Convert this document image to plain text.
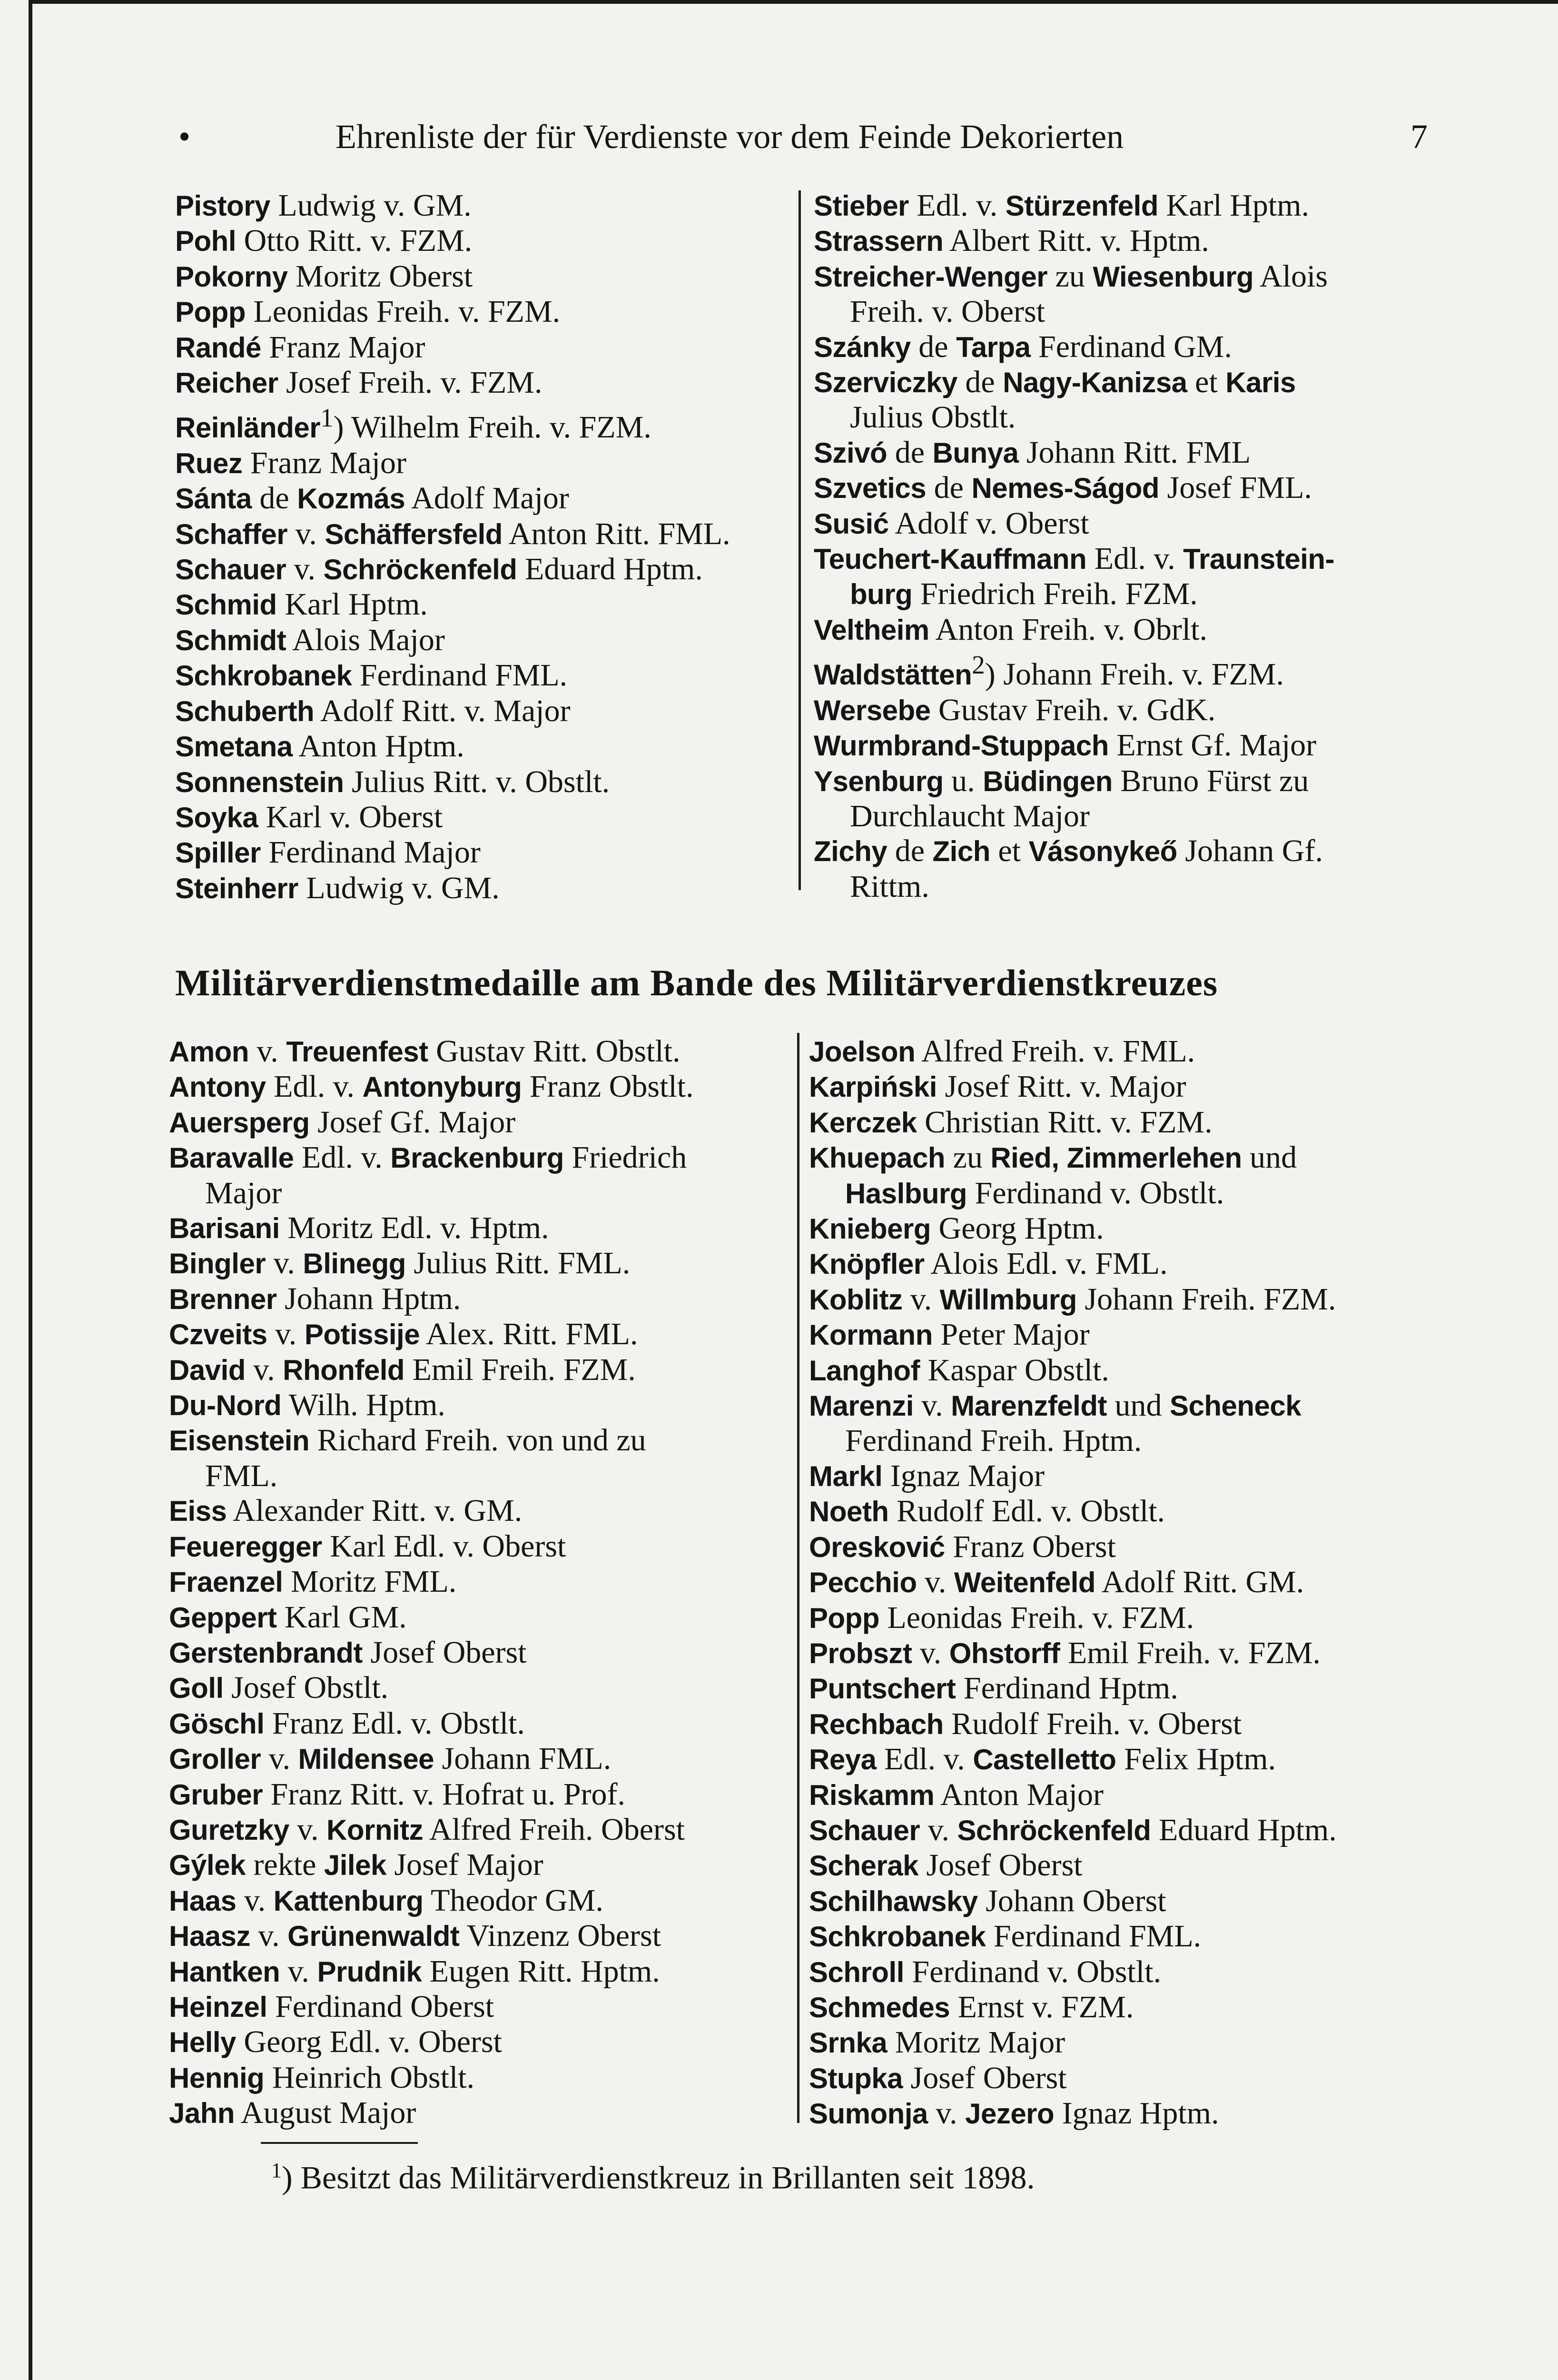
•	Ehrenliste der für Verdienste vor dem Feinde Dekorierten	7
Pistory Ludwig v. GM.
Pohl Otto Ritt. v. FZM.
Pokorny Moritz Oberst
Popp Leonidas Freih. v. FZM.
Randé Franz Major
Reicher Josef Freih. v. FZM.
Reinländer$^1$) Wilhelm Freih. v. FZM.
Ruez Franz Major
Sánta de Kozmás Adolf Major
Schaffer v. Schäffersfeld Anton Ritt. FML.
Schauer v. Schröckenfeld Eduard Hptm.
Schmid Karl Hptm.
Schmidt Alois Major
Schkrobanek Ferdinand FML.
Schuberth Adolf Ritt. v. Major
Smetana Anton Hptm.
Sonnenstein Julius Ritt. v. Obstlt.
Soyka Karl v. Oberst
Spiller Ferdinand Major
Steinherr Ludwig v. GM.
Stieber Edl. v. Stürzenfeld Karl Hptm.
Strassern Albert Ritt. v. Hptm.
Streicher-Wenger zu Wiesenburg Alois
Freih. v. Oberst
Szánky de Tarpa Ferdinand GM.
Szerviczky de Nagy-Kanizsa et Karis
Julius Obstlt.
Szivó de Bunya Johann Ritt. FML
Szvetics de Nemes-Ságod Josef FML.
Susić Adolf v. Oberst
Teuchert-Kauffmann Edl. v. Traunstein-
burg Friedrich Freih. FZM.
Veltheim Anton Freih. v. Obrlt.
Waldstätten$^2$) Johann Freih. v. FZM.
Wersebe Gustav Freih. v. GdK.
Wurmbrand-Stuppach Ernst Gf. Major
Ysenburg u. Büdingen Bruno Fürst zu
Durchlaucht Major
Zichy de Zich et Vásonykeő Johann Gf.
Rittm.
Militärverdienstmedaille am Bande des Militärverdienstkreuzes
Amon v. Treuenfest Gustav Ritt. Obstlt.
Antony Edl. v. Antonyburg Franz Obstlt.
Auersperg Josef Gf. Major
Baravalle Edl. v. Brackenburg Friedrich
Major
Barisani Moritz Edl. v. Hptm.
Bingler v. Blinegg Julius Ritt. FML.
Brenner Johann Hptm.
Czveits v. Potissije Alex. Ritt. FML.
David v. Rhonfeld Emil Freih. FZM.
Du-Nord Wilh. Hptm.
Eisenstein Richard Freih. von und zu
FML.
Eiss Alexander Ritt. v. GM.
Feueregger Karl Edl. v. Oberst
Fraenzel Moritz FML.
Geppert Karl GM.
Gerstenbrandt Josef Oberst
Goll Josef Obstlt.
Göschl Franz Edl. v. Obstlt.
Groller v. Mildensee Johann FML.
Gruber Franz Ritt. v. Hofrat u. Prof.
Guretzky v. Kornitz Alfred Freih. Oberst
Gýlek rekte Jilek Josef Major
Haas v. Kattenburg Theodor GM.
Haasz v. Grünenwaldt Vinzenz Oberst
Hantken v. Prudnik Eugen Ritt. Hptm.
Heinzel Ferdinand Oberst
Helly Georg Edl. v. Oberst
Hennig Heinrich Obstlt.
Jahn August Major
Joelson Alfred Freih. v. FML.
Karpiński Josef Ritt. v. Major
Kerczek Christian Ritt. v. FZM.
Khuepach zu Ried, Zimmerlehen und
Haslburg Ferdinand v. Obstlt.
Knieberg Georg Hptm.
Knöpfler Alois Edl. v. FML.
Koblitz v. Willmburg Johann Freih. FZM.
Kormann Peter Major
Langhof Kaspar Obstlt.
Marenzi v. Marenzfeldt und Scheneck
Ferdinand Freih. Hptm.
Markl Ignaz Major
Noeth Rudolf Edl. v. Obstlt.
Oresković Franz Oberst
Pecchio v. Weitenfeld Adolf Ritt. GM.
Popp Leonidas Freih. v. FZM.
Probszt v. Ohstorff Emil Freih. v. FZM.
Puntschert Ferdinand Hptm.
Rechbach Rudolf Freih. v. Oberst
Reya Edl. v. Castelletto Felix Hptm.
Riskamm Anton Major
Schauer v. Schröckenfeld Eduard Hptm.
Scherak Josef Oberst
Schilhawsky Johann Oberst
Schkrobanek Ferdinand FML.
Schroll Ferdinand v. Obstlt.
Schmedes Ernst v. FZM.
Srnka Moritz Major
Stupka Josef Oberst
Sumonja v. Jezero Ignaz Hptm.
$^1$) Besitzt das Militärverdienstkreuz in Brillanten seit 1898.
